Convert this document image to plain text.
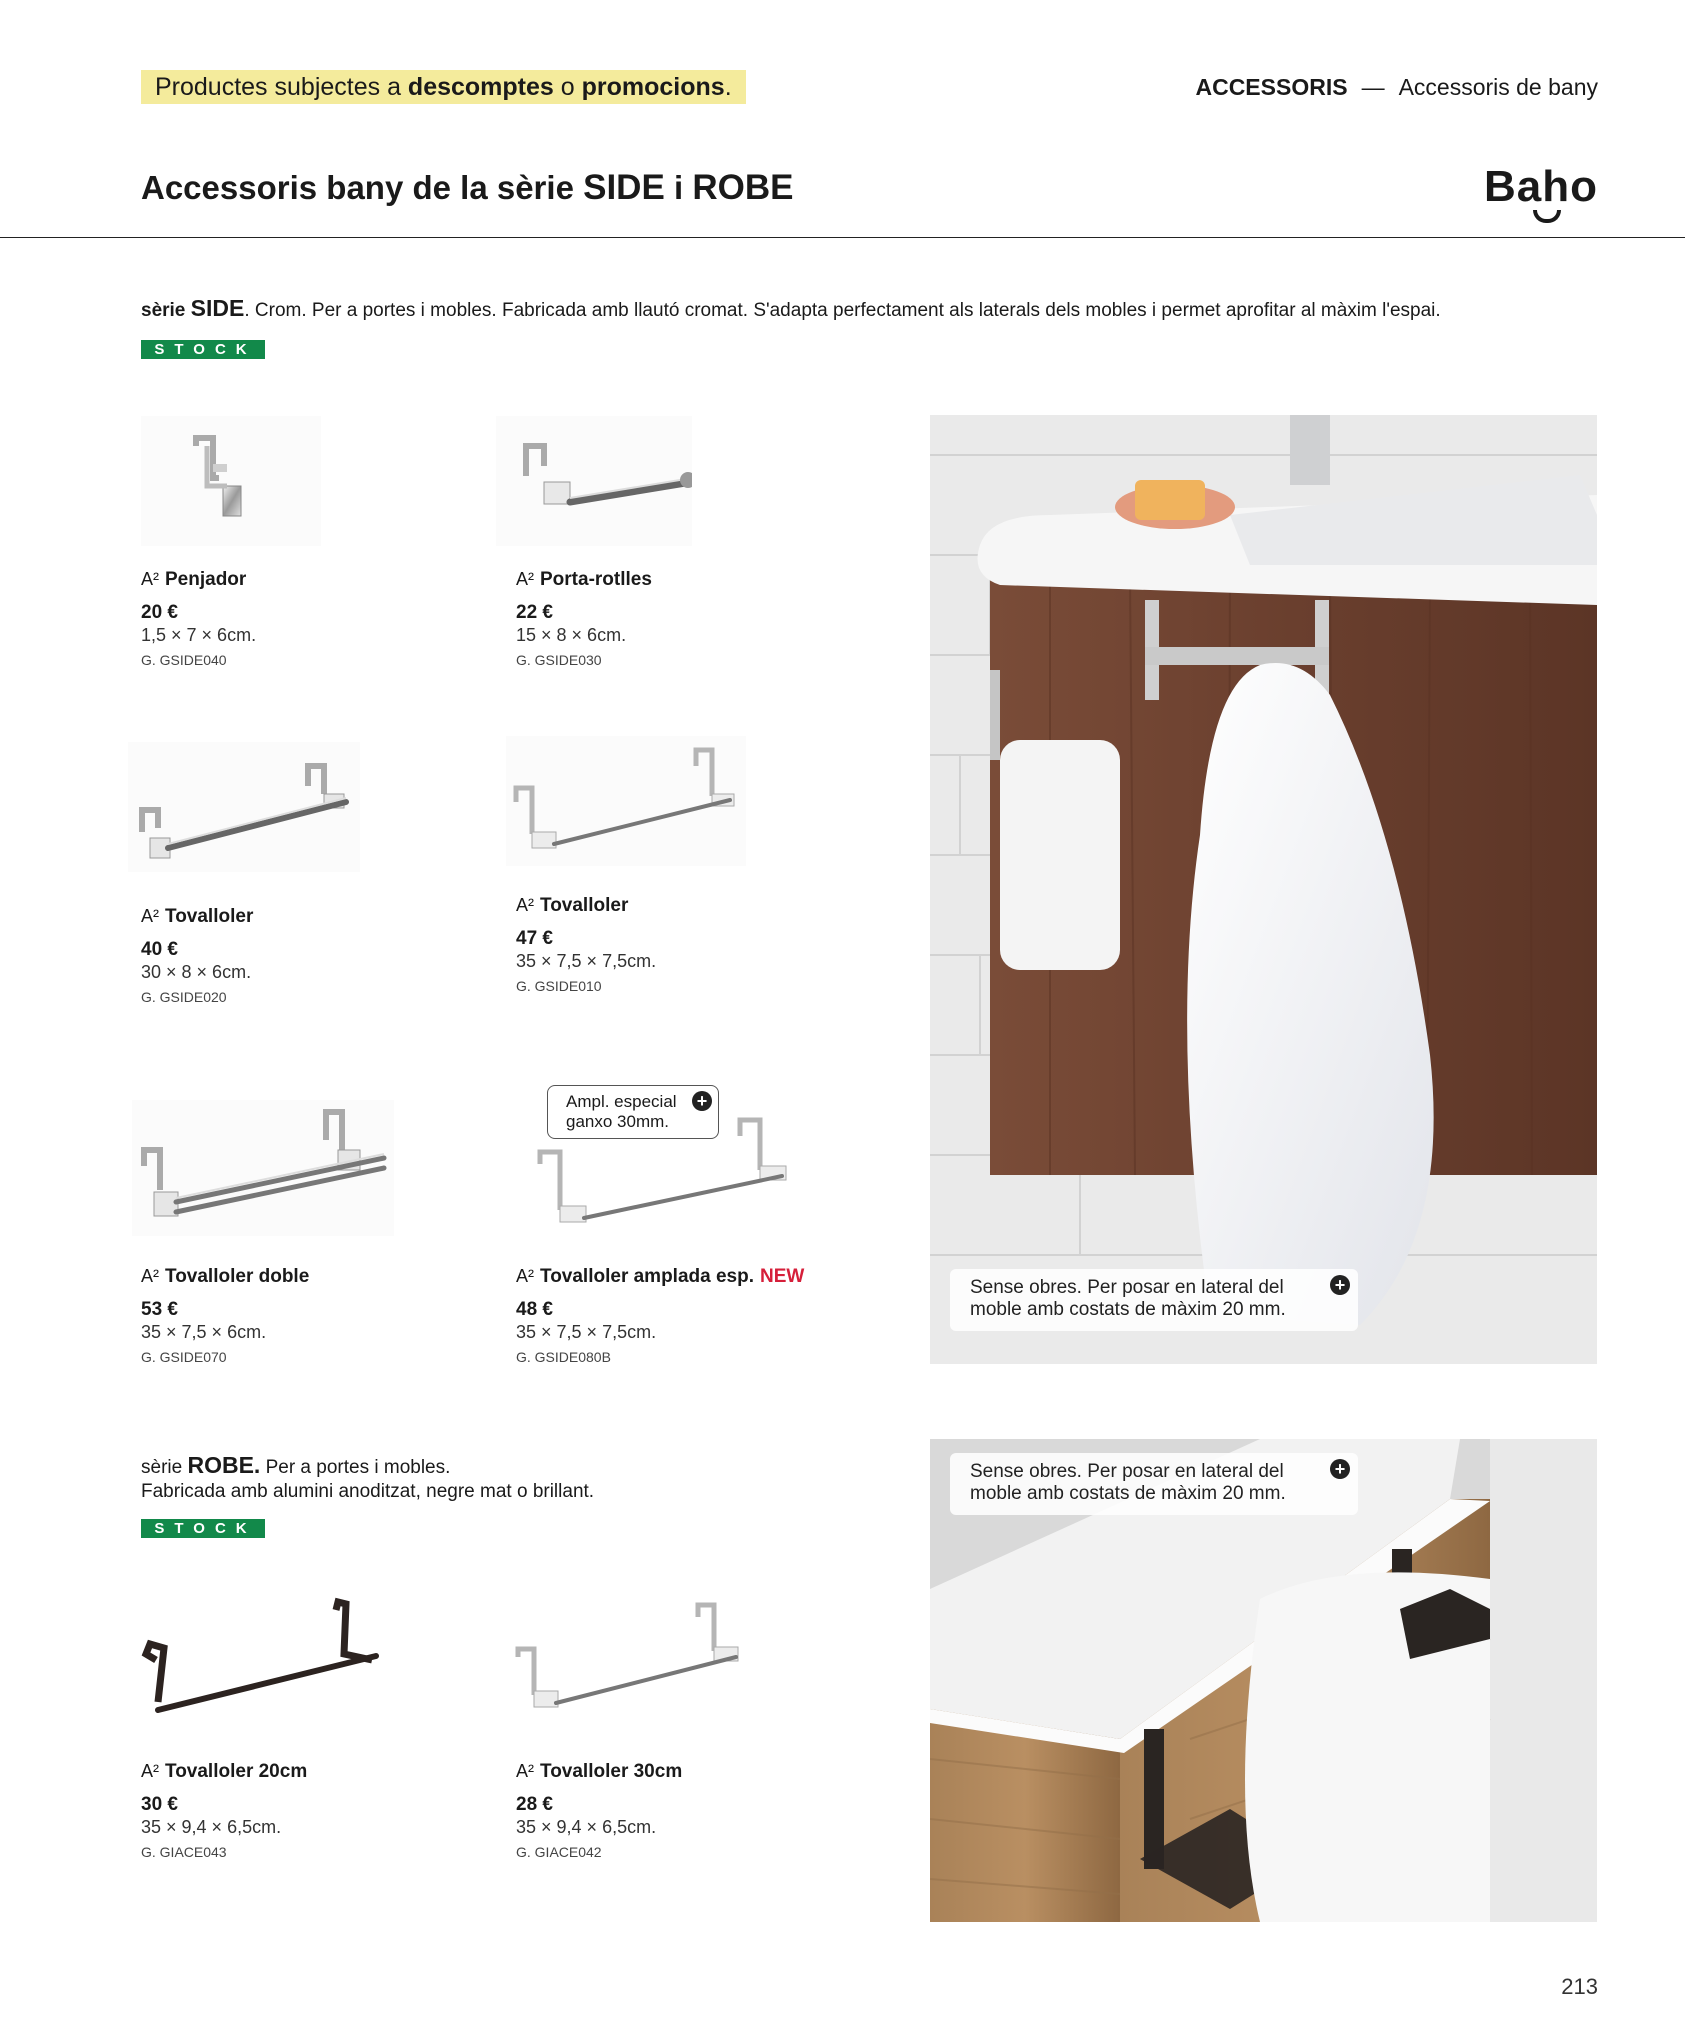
Productes subjectes a descomptes o promocions.	ACCESSORIS — Accessoris de bany
Accessoris bany de la sèrie SIDE i ROBE	Baho
sèrie SIDE. Crom. Per a portes i mobles. Fabricada amb llautó cromat. S'adapta perfectament als laterals dels mobles i permet aprofitar al màxim l'espai.
STOCK
A² Penjador
20 €
1,5 × 7 × 6cm.
G. GSIDE040
A² Porta-rotlles
22 €
15 × 8 × 6cm.
G. GSIDE030
A² Tovalloler
40 €
30 × 8 × 6cm.
G. GSIDE020
A² Tovalloler
47 €
35 × 7,5 × 7,5cm.
G. GSIDE010
A² Tovalloler doble
53 €
35 × 7,5 × 6cm.
G. GSIDE070
Ampl. especial
ganxo 30mm.
+
A² Tovalloler amplada esp. NEW
48 €
35 × 7,5 × 7,5cm.
G. GSIDE080B
Sense obres. Per posar en lateral del
moble amb costats de màxim 20 mm.
+
sèrie ROBE. Per a portes i mobles.
Fabricada amb alumini anoditzat, negre mat o brillant.
STOCK
A² Tovalloler 20cm
30 €
35 × 9,4 × 6,5cm.
G. GIACE043
A² Tovalloler 30cm
28 €
35 × 9,4 × 6,5cm.
G. GIACE042
Sense obres. Per posar en lateral del
moble amb costats de màxim 20 mm.
+
213
